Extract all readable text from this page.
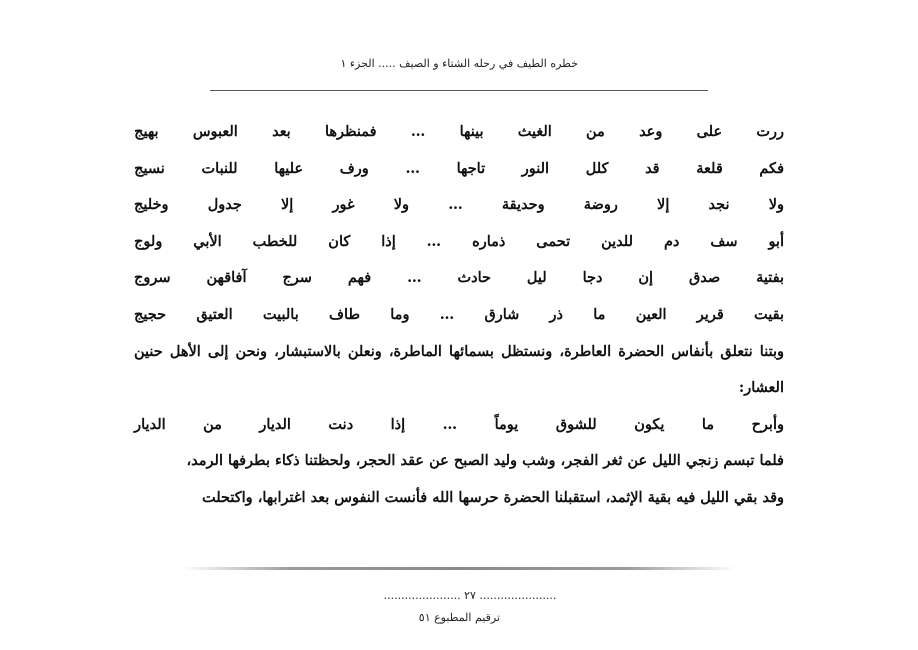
خطره الطيف في رحله الشتاء و الصيف ..... الجزء ١
ررت
على
وعد
من
الغيث
بينها
…
فمنظرها
بعد
العبوس
بهيج
فكم
قلعة
قد
كلل
النور
تاجها
…
ورف
عليها
للنبات
نسيج
ولا
نجد
إلا
روضة
وحديقة
…
ولا
غور
إلا
جدول
وخليج
أبو
سف
دم
للدين
تحمى
ذماره
…
إذا
كان
للخطب
الأبي
ولوج
بفتية
صدق
إن
دجا
ليل
حادث
…
فهم
سرج
آفاقهن
سروج
بقيت
قرير
العين
ما
ذر
شارق
…
وما
طاف
بالبيت
العتيق
حجيج
وبتنا نتعلق بأنفاس الحضرة العاطرة، ونستظل بسمائها الماطرة، ونعلن بالاستبشار، ونحن إلى الأهل حنين
العشار:
وأبرح
ما
يكون
للشوق
يوماً
…
إذا
دنت
الديار
من
الديار
فلما تبسم زنجي الليل عن ثغر الفجر، وشب وليد الصبح عن عقد الحجر، ولحظتنا ذكاء بطرفها الرمد،
وقد بقي الليل فيه بقية الإثمد، استقبلنا الحضرة حرسها الله فأنست النفوس بعد اغترابها، واكتحلت
...................... ٢٧ ......................
ترقيم المطبوع ٥١
